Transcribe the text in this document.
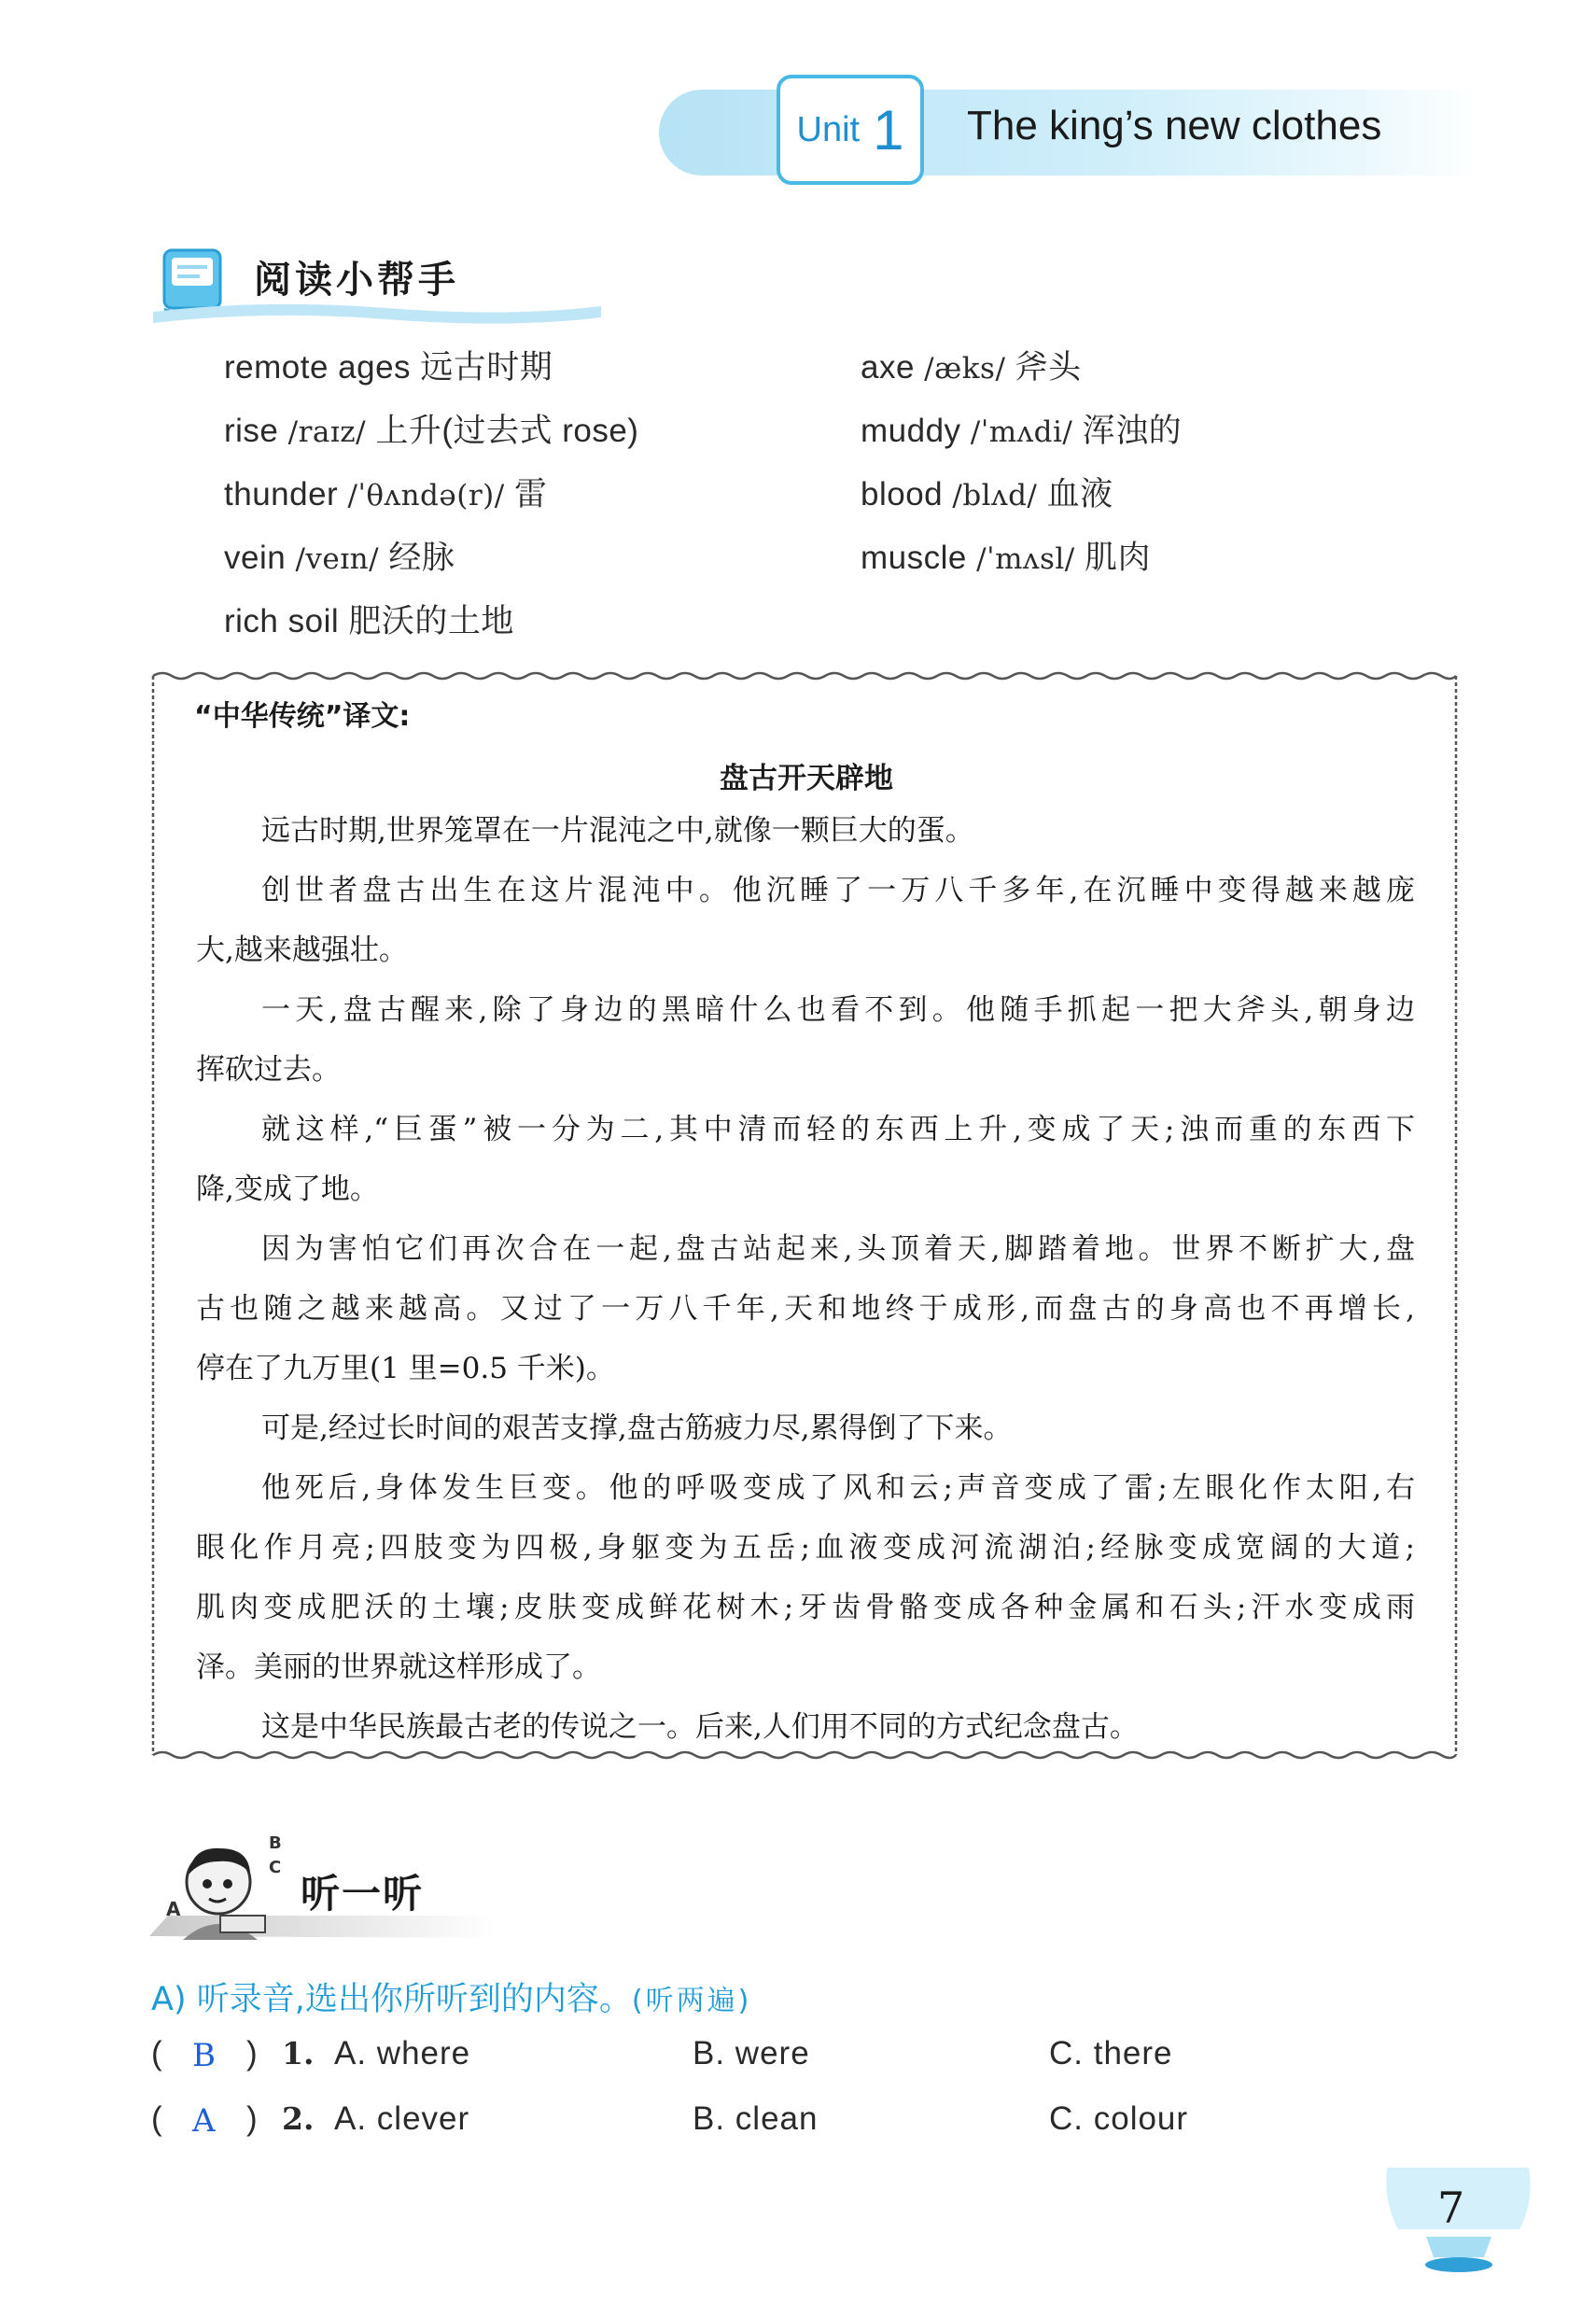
Unit 1 The king’s new clothes
阅读小帮手
remote ages 远古时期
rise /raɪz/ 上升(过去式 rose)
thunder /ˈθʌndə(r)/ 雷
vein /veɪn/ 经脉
rich soil 肥沃的土地
axe /æks/ 斧头
muddy /ˈmʌdi/ 浑浊的
blood /blʌd/ 血液
muscle /ˈmʌsl/ 肌肉
“中华传统”译文:
盘古开天辟地
远古时期,世界笼罩在一片混沌之中,就像一颗巨大的蛋。
创世者盘古出生在这片混沌中。他沉睡了一万八千多年,在沉睡中变得越来越庞
大,越来越强壮。
一天,盘古醒来,除了身边的黑暗什么也看不到。他随手抓起一把大斧头,朝身边
挥砍过去。
就这样,“巨蛋”被一分为二,其中清而轻的东西上升,变成了天;浊而重的东西下
降,变成了地。
因为害怕它们再次合在一起,盘古站起来,头顶着天,脚踏着地。世界不断扩大,盘
古也随之越来越高。又过了一万八千年,天和地终于成形,而盘古的身高也不再增长,
停在了九万里(1 里=0.5 千米)。
可是,经过长时间的艰苦支撑,盘古筋疲力尽,累得倒了下来。
他死后,身体发生巨变。他的呼吸变成了风和云;声音变成了雷;左眼化作太阳,右
眼化作月亮;四肢变为四极,身躯变为五岳;血液变成河流湖泊;经脉变成宽阔的大道;
肌肉变成肥沃的土壤;皮肤变成鲜花树木;牙齿骨骼变成各种金属和石头;汗水变成雨
泽。美丽的世界就这样形成了。
这是中华民族最古老的传说之一。后来,人们用不同的方式纪念盘古。
A
B
C
听一听
A) 听录音,选出你所听到的内容。(听两遍)
( B ) 1. A. where	B. were	C. there
( A ) 2. A. clever	B. clean	C. colour
7
